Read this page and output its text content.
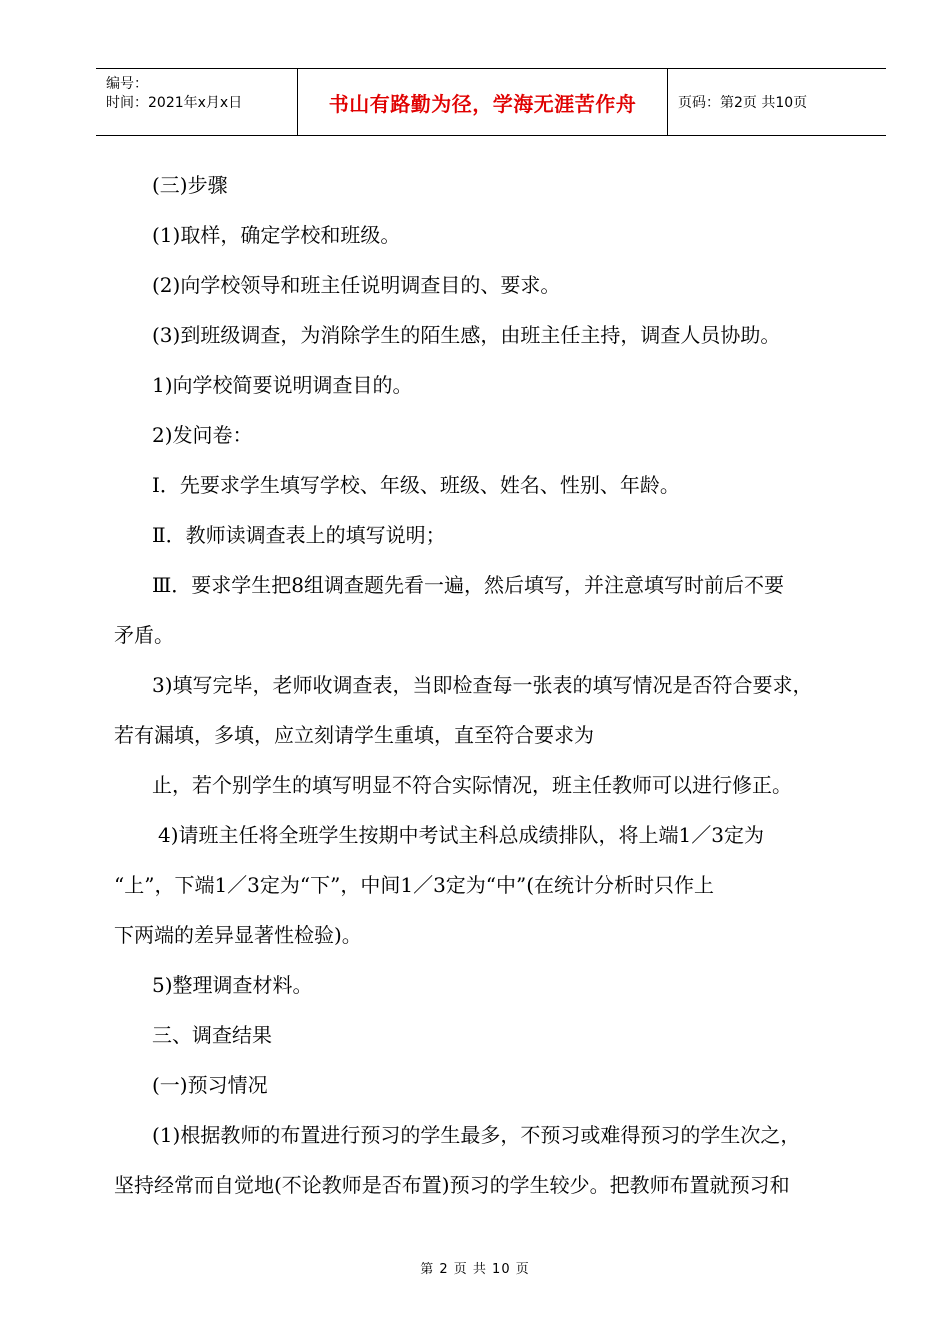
编号：
时间：2021年x月x日	书山有路勤为径，学海无涯苦作舟	页码：第2页 共10页
(三)步骤
(1)取样，确定学校和班级。
(2)向学校领导和班主任说明调查目的、要求。
(3)到班级调查，为消除学生的陌生感，由班主任主持，调查人员协助。
1)向学校简要说明调查目的。
2)发问卷：
I．先要求学生填写学校、年级、班级、姓名、性别、年龄。
Ⅱ．教师读调查表上的填写说明；
Ⅲ．要求学生把8组调查题先看一遍，然后填写，并注意填写时前后不要
矛盾。
3)填写完毕，老师收调查表，当即检查每一张表的填写情况是否符合要求，
若有漏填，多填，应立刻请学生重填，直至符合要求为
止，若个别学生的填写明显不符合实际情况，班主任教师可以进行修正。
4)请班主任将全班学生按期中考试主科总成绩排队，将上端1／3定为
“上”，下端1／3定为“下”，中间1／3定为“中”(在统计分析时只作上
下两端的差异显著性检验)。
5)整理调查材料。
三、调查结果
(一)预习情况
(1)根据教师的布置进行预习的学生最多，不预习或难得预习的学生次之，
坚持经常而自觉地(不论教师是否布置)预习的学生较少。把教师布置就预习和
第 2 页 共 10 页
